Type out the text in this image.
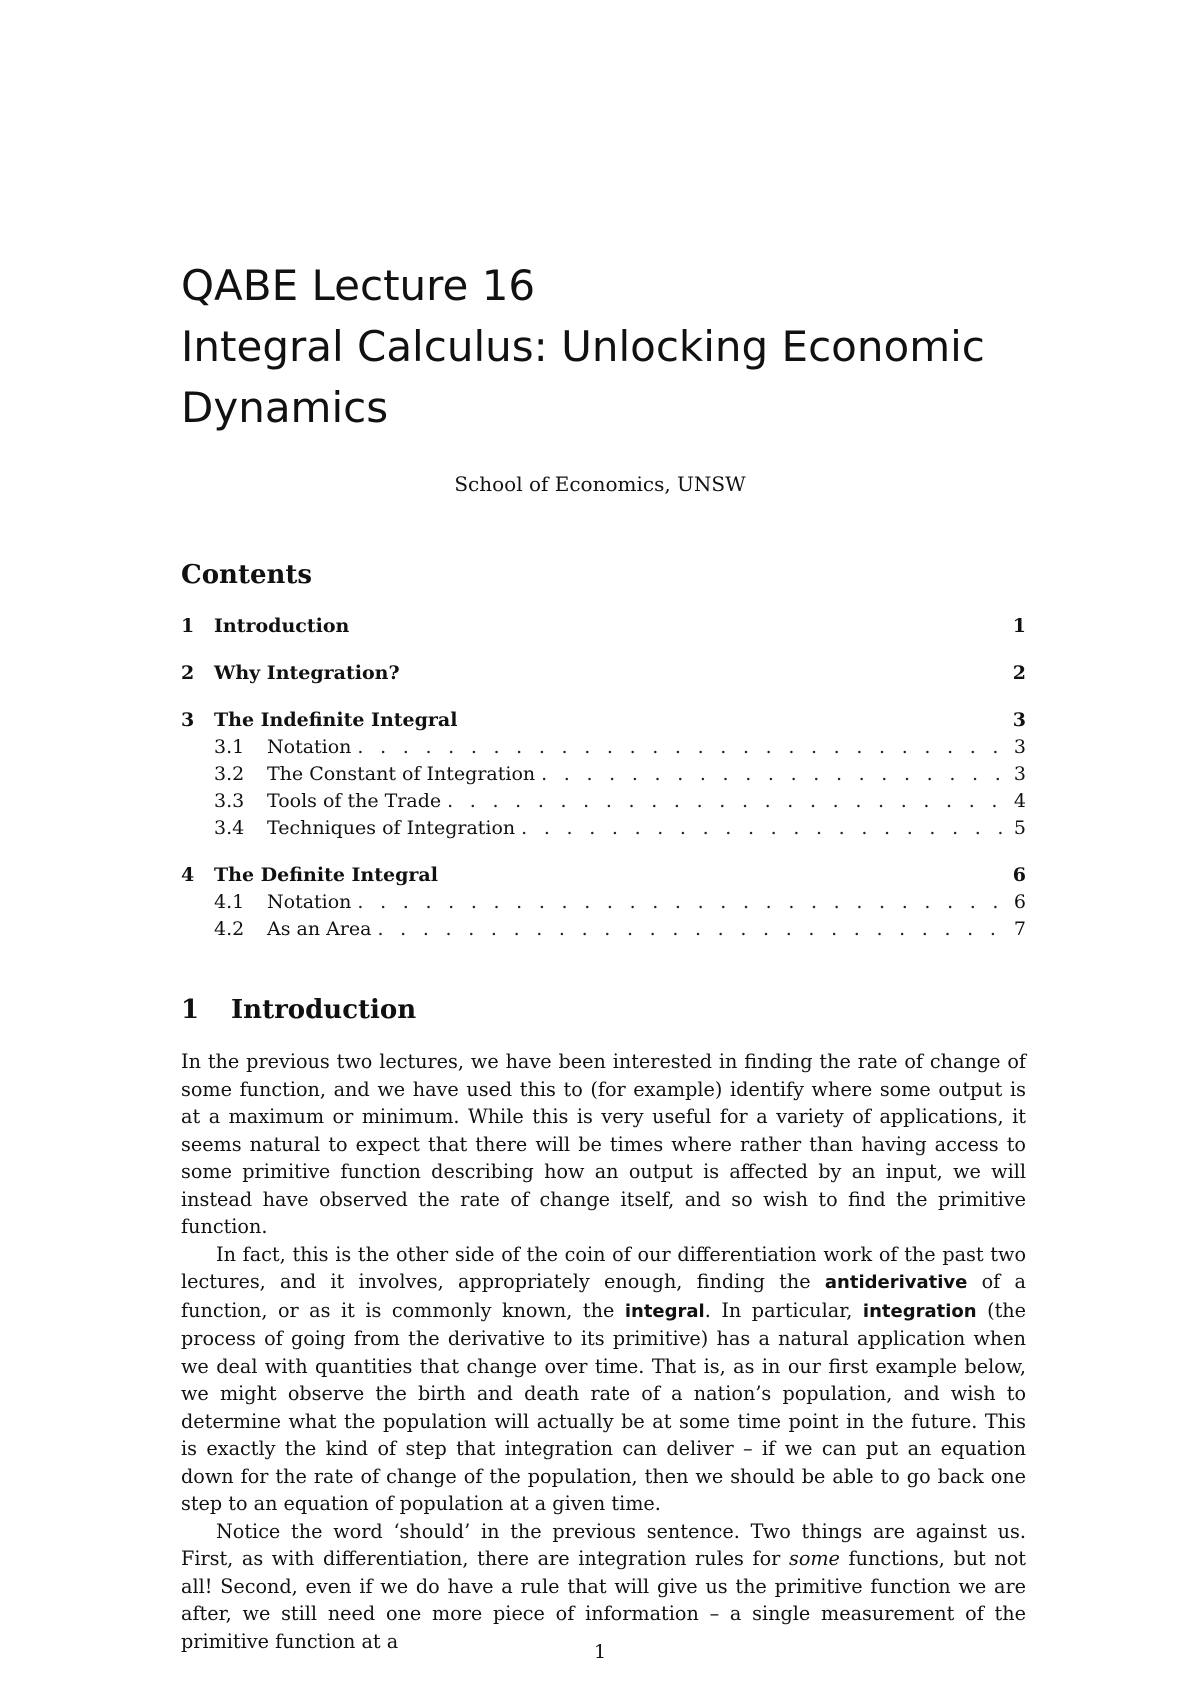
QABE Lecture 16
Integral Calculus: Unlocking Economic
Dynamics
School of Economics, UNSW
Contents
1	Introduction	1
2	Why Integration?	2
3	The Indefinite Integral	3
3.1	Notation . . .	3
3.2	The Constant of Integration . . .	3
3.3	Tools of the Trade . . .	4
3.4	Techniques of Integration . . .	5
4	The Definite Integral	6
4.1	Notation . . .	6
4.2	As an Area . . .	7
1 Introduction

In the previous two lectures, we have been interested in finding the rate of change of some function, and we have used this to (for example) identify where some output is at a maximum or minimum. While this is very useful for a variety of applications, it seems natural to expect that there will be times where rather than having access to some primitive function describing how an output is affected by an input, we will instead have observed the rate of change itself, and so wish to find the primitive function.

In fact, this is the other side of the coin of our differentiation work of the past two lectures, and it involves, appropriately enough, finding the antiderivative of a function, or as it is commonly known, the integral. In particular, integration (the process of going from the derivative to its primitive) has a natural application when we deal with quantities that change over time. That is, as in our first example below, we might observe the birth and death rate of a nation’s population, and wish to determine what the population will actually be at some time point in the future. This is exactly the kind of step that integration can deliver – if we can put an equation down for the rate of change of the population, then we should be able to go back one step to an equation of population at a given time.

Notice the word ‘should’ in the previous sentence. Two things are against us. First, as with differentiation, there are integration rules for some functions, but not all! Second, even if we do have a rule that will give us the primitive function we are after, we still need one more piece of information – a single measurement of the primitive function at a	1
